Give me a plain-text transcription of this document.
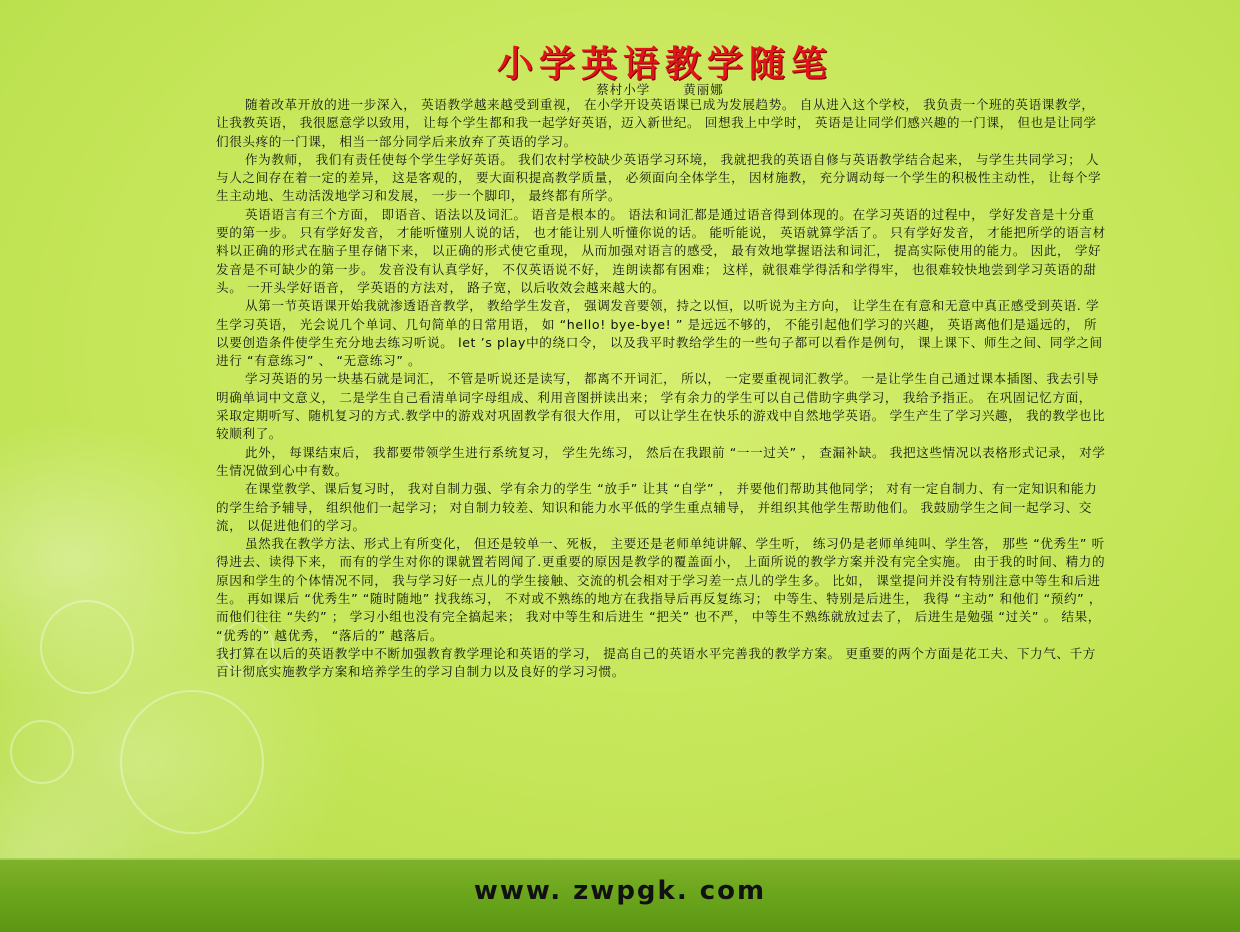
小学英语教学随笔
蔡村小学	黄丽娜

随着改革开放的进一步深入， 英语教学越来越受到重视， 在小学开设英语课已成为发展趋势。 自从进入这个学校， 我负责一个班的英语课教学，让我教英语， 我很愿意学以致用， 让每个学生都和我一起学好英语，迈入新世纪。 回想我上中学时， 英语是让同学们感兴趣的一门课， 但也是让同学们很头疼的一门课， 相当一部分同学后来放弃了英语的学习。

作为教师， 我们有责任使每个学生学好英语。 我们农村学校缺少英语学习环境， 我就把我的英语自修与英语教学结合起来， 与学生共同学习； 人与人之间存在着一定的差异， 这是客观的， 要大面积提高教学质量， 必须面向全体学生， 因材施教， 充分调动每一个学生的积极性主动性， 让每个学生主动地、生动活泼地学习和发展， 一步一个脚印， 最终都有所学。

英语语言有三个方面， 即语音、语法以及词汇。 语音是根本的。 语法和词汇都是通过语音得到体现的。在学习英语的过程中， 学好发音是十分重要的第一步。 只有学好发音， 才能听懂别人说的话， 也才能让别人听懂你说的话。 能听能说， 英语就算学活了。 只有学好发音， 才能把所学的语言材料以正确的形式在脑子里存储下来， 以正确的形式使它重现， 从而加强对语言的感受， 最有效地掌握语法和词汇， 提高实际使用的能力。 因此， 学好发音是不可缺少的第一步。 发音没有认真学好， 不仅英语说不好， 连朗读都有困难； 这样，就很难学得活和学得牢， 也很难较快地尝到学习英语的甜头。 一开头学好语音， 学英语的方法对， 路子宽，以后收效会越来越大的。

从第一节英语课开始我就渗透语音教学， 教给学生发音， 强调发音要领，持之以恒，以听说为主方向， 让学生在有意和无意中真正感受到英语. 学生学习英语， 光会说几个单词、几句简单的日常用语， 如 “hello! bye-bye! ” 是远远不够的， 不能引起他们学习的兴趣， 英语离他们是遥远的， 所以要创造条件使学生充分地去练习听说。 let ’s play中的绕口令， 以及我平时教给学生的一些句子都可以看作是例句， 课上课下、师生之间、同学之间进行 “有意练习” 、 “无意练习” 。

学习英语的另一块基石就是词汇， 不管是听说还是读写， 都离不开词汇， 所以， 一定要重视词汇教学。 一是让学生自己通过课本插图、我去引导明确单词中文意义， 二是学生自己看清单词字母组成、利用音图拼读出来； 学有余力的学生可以自己借助字典学习， 我给予指正。 在巩固记忆方面， 采取定期听写、随机复习的方式.教学中的游戏对巩固教学有很大作用， 可以让学生在快乐的游戏中自然地学英语。 学生产生了学习兴趣， 我的教学也比较顺利了。

此外， 每课结束后， 我都要带领学生进行系统复习， 学生先练习， 然后在我跟前 “一一过关” ， 查漏补缺。 我把这些情况以表格形式记录， 对学生情况做到心中有数。

在课堂教学、课后复习时， 我对自制力强、学有余力的学生 “放手” 让其 “自学” ， 并要他们帮助其他同学； 对有一定自制力、有一定知识和能力的学生给予辅导， 组织他们一起学习； 对自制力较差、知识和能力水平低的学生重点辅导， 并组织其他学生帮助他们。 我鼓励学生之间一起学习、交流， 以促进他们的学习。

虽然我在教学方法、形式上有所变化， 但还是较单一、死板， 主要还是老师单纯讲解、学生听， 练习仍是老师单纯叫、学生答， 那些 “优秀生” 听得进去、读得下来， 而有的学生对你的课就置若罔闻了.更重要的原因是教学的覆盖面小， 上面所说的教学方案并没有完全实施。 由于我的时间、精力的原因和学生的个体情况不同， 我与学习好一点儿的学生接触、交流的机会相对于学习差一点儿的学生多。 比如， 课堂提问并没有特别注意中等生和后进生。 再如课后 “优秀生” “随时随地” 找我练习， 不对或不熟练的地方在我指导后再反复练习； 中等生、特别是后进生， 我得 “主动” 和他们 “预约” ， 而他们往往 “失约” ； 学习小组也没有完全搞起来； 我对中等生和后进生 “把关” 也不严， 中等生不熟练就放过去了， 后进生是勉强 “过关” 。 结果， “优秀的” 越优秀， “落后的” 越落后。

我打算在以后的英语教学中不断加强教育教学理论和英语的学习， 提高自己的英语水平完善我的教学方案。 更重要的两个方面是花工夫、下力气、千方百计彻底实施教学方案和培养学生的学习自制力以及良好的学习习惯。

www. zwpgk. com
